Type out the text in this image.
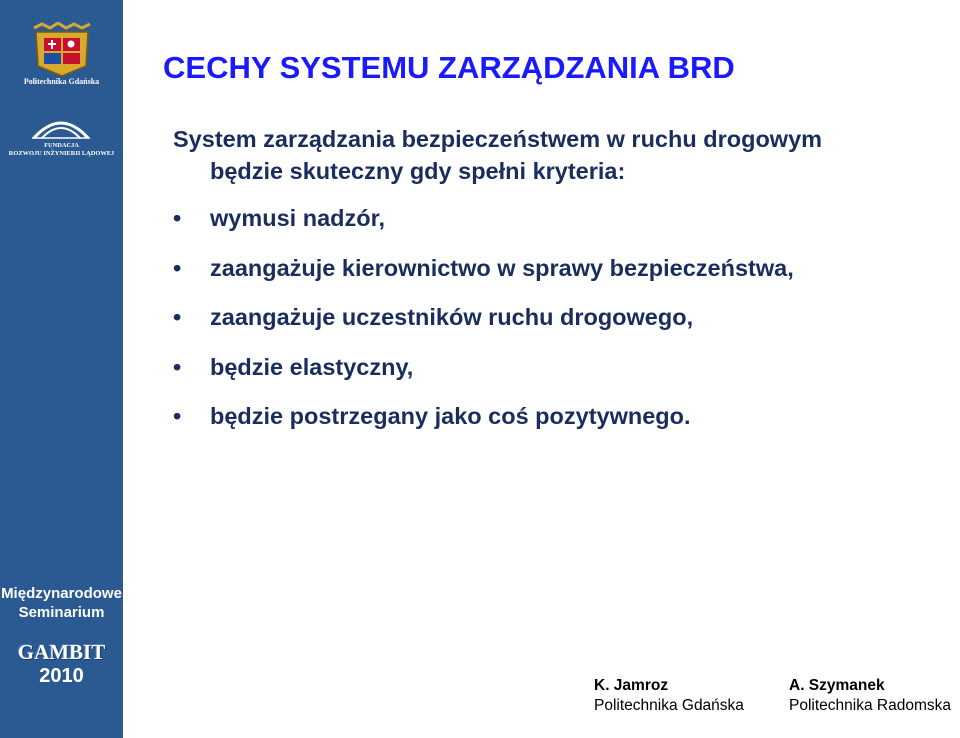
Politechnika Gdańska
FUNDACJA
ROZWOJU INŻYNIERII LĄDOWEJ
Międzynarodowe
Seminarium
GAMBIT
2010
CECHY SYSTEMU ZARZĄDZANIA BRD
System zarządzania bezpieczeństwem w ruchu drogowym
będzie skuteczny gdy spełni kryteria:
•	wymusi nadzór,
•	zaangażuje kierownictwo w sprawy bezpieczeństwa,
•	zaangażuje uczestników ruchu drogowego,
•	będzie elastyczny,
•	będzie postrzegany jako coś pozytywnego.
K. Jamroz
Politechnika Gdańska
A. Szymanek
Politechnika Radomska
